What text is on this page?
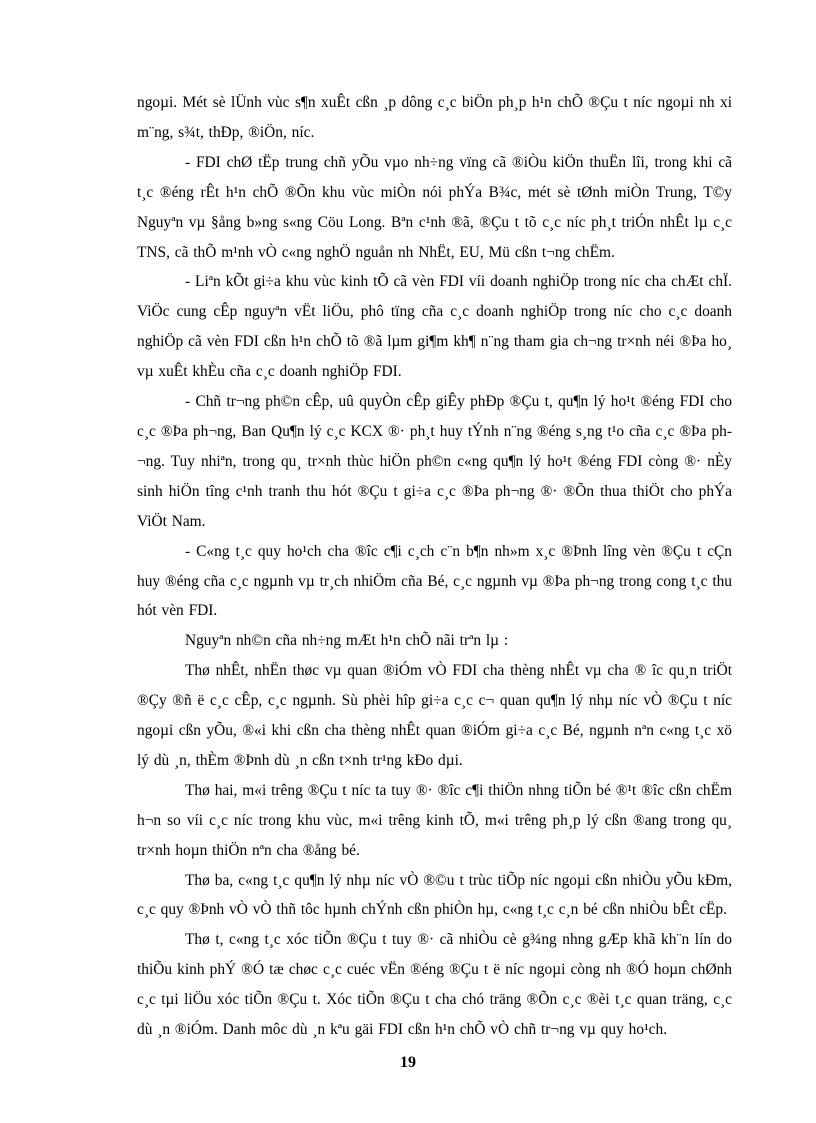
ngoµi. Mét sè lÜnh vùc s¶n xuÊt cßn ¸p dông c¸c biÖn ph¸p h¹n chÕ ®Çu t níc ngoµi nh xi m¨ng, s¾t, thÐp, ®iÖn, níc.

- FDI chØ tËp trung chñ yÕu vµo nh÷ng vïng cã ®iÒu kiÖn thuËn lîi, trong khi cã t¸c ®éng rÊt h¹n chÕ ®Õn khu vùc miÒn nói phÝa B¾c, mét sè tØnh miÒn Trung, T©y Nguyªn vµ §ång b»ng s«ng Cöu Long. Bªn c¹nh ®ã, ®Çu t tõ c¸c níc ph¸t triÓn nhÊt lµ c¸c TNS, cã thÕ m¹nh vÒ c«ng nghÖ nguån nh NhËt, EU, Mü cßn t¬ng chËm.

- Liªn kÕt gi÷a khu vùc kinh tÕ cã vèn FDI víi doanh nghiÖp trong níc cha chÆt chÏ. ViÖc cung cÊp nguyªn vËt liÖu, phô tïng cña c¸c doanh nghiÖp trong níc cho c¸c doanh nghiÖp cã vèn FDI cßn h¹n chÕ tõ ®ã lµm gi¶m kh¶ n¨ng tham gia ch¬ng tr×nh néi ®Þa ho¸ vµ xuÊt khÈu cña c¸c doanh nghiÖp FDI.

- Chñ tr¬ng ph©n cÊp, uû quyÒn cÊp giÊy phÐp ®Çu t, qu¶n lý ho¹t ®éng FDI cho c¸c ®Þa ph¬ng, Ban Qu¶n lý c¸c KCX ®· ph¸t huy tÝnh n¨ng ®éng s¸ng t¹o cña c¸c ®Þa ph¬ng. Tuy nhiªn, trong qu¸ tr×nh thùc hiÖn ph©n c«ng qu¶n lý ho¹t ®éng FDI còng ®· nÈy sinh hiÖn tîng c¹nh tranh thu hót ®Çu t gi÷a c¸c ®Þa ph¬ng ®· ®Õn thua thiÖt cho phÝa ViÖt Nam.

- C«ng t¸c quy ho¹ch cha ®îc c¶i c¸ch c¨n b¶n nh»m x¸c ®Þnh lîng vèn ®Çu t cÇn huy ®éng cña c¸c ngµnh vµ tr¸ch nhiÖm cña Bé, c¸c ngµnh vµ ®Þa ph¬ng trong cong t¸c thu hót vèn FDI.

Nguyªn nh©n cña nh÷ng mÆt h¹n chÕ nãi trªn lµ :

Thø nhÊt, nhËn thøc vµ quan ®iÓm vÒ FDI cha thèng nhÊt vµ cha ® îc qu¸n triÖt ®Çy ®ñ ë c¸c cÊp, c¸c ngµnh. Sù phèi hîp gi÷a c¸c c¬ quan qu¶n lý nhµ níc vÒ ®Çu t níc ngoµi cßn yÕu, ®«i khi cßn cha thèng nhÊt quan ®iÓm gi÷a c¸c Bé, ngµnh nªn c«ng t¸c xö lý dù ¸n, thÈm ®Þnh dù ¸n cßn t×nh tr¹ng kÐo dµi.

Thø hai, m«i trêng ®Çu t níc ta tuy ®· ®îc c¶i thiÖn nhng tiÕn bé ®¹t ®îc cßn chËm h¬n so víi c¸c níc trong khu vùc, m«i trêng kinh tÕ, m«i trêng ph¸p lý cßn ®ang trong qu¸ tr×nh hoµn thiÖn nªn cha ®ång bé.

Thø ba, c«ng t¸c qu¶n lý nhµ níc vÒ ®©u t trùc tiÕp níc ngoµi cßn nhiÒu yÕu kÐm, c¸c quy ®Þnh vÒ vÒ thñ tôc hµnh chÝnh cßn phiÒn hµ, c«ng t¸c c¸n bé cßn nhiÒu bÊt cËp.

Thø t, c«ng t¸c xóc tiÕn ®Çu t tuy ®· cã nhiÒu cè g¾ng nhng gÆp khã kh¨n lín do thiÕu kinh phÝ ®Ó tæ chøc c¸c cuéc vËn ®éng ®Çu t ë níc ngoµi còng nh ®Ó hoµn chØnh c¸c tµi liÖu xóc tiÕn ®Çu t. Xóc tiÕn ®Çu t cha chó träng ®Õn c¸c ®èi t¸c quan träng, c¸c dù ¸n ®iÓm. Danh môc dù ¸n kªu gäi FDI cßn h¹n chÕ vÒ chñ tr¬ng vµ quy ho¹ch.

19
